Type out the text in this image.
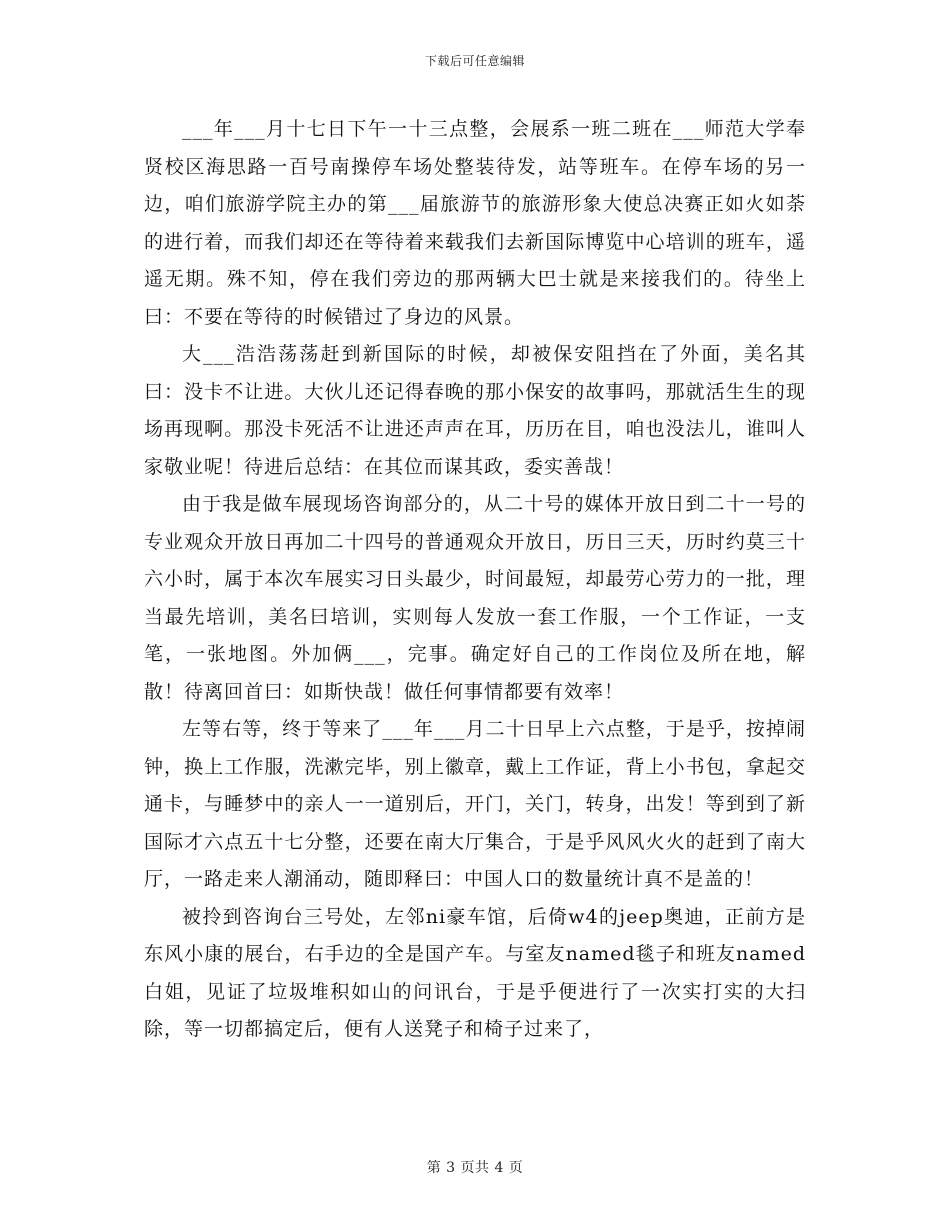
下载后可任意编辑

___年___月十七日下午一十三点整，会展系一班二班在___师范大学奉贤校区海思路一百号南操停车场处整装待发，站等班车。在停车场的另一边，咱们旅游学院主办的第___届旅游节的旅游形象大使总决赛正如火如荼的进行着，而我们却还在等待着来载我们去新国际博览中心培训的班车，遥遥无期。殊不知，停在我们旁边的那两辆大巴士就是来接我们的。待坐上曰：不要在等待的时候错过了身边的风景。

大___浩浩荡荡赶到新国际的时候，却被保安阻挡在了外面，美名其曰：没卡不让进。大伙儿还记得春晚的那小保安的故事吗，那就活生生的现场再现啊。那没卡死活不让进还声声在耳，历历在目，咱也没法儿，谁叫人家敬业呢！待进后总结：在其位而谋其政，委实善哉！

由于我是做车展现场咨询部分的，从二十号的媒体开放日到二十一号的专业观众开放日再加二十四号的普通观众开放日，历日三天，历时约莫三十六小时，属于本次车展实习日头最少，时间最短，却最劳心劳力的一批，理当最先培训，美名曰培训，实则每人发放一套工作服，一个工作证，一支笔，一张地图。外加俩___，完事。确定好自己的工作岗位及所在地，解散！待离回首曰：如斯快哉！做任何事情都要有效率！

左等右等，终于等来了___年___月二十日早上六点整，于是乎，按掉闹钟，换上工作服，洗漱完毕，别上徽章，戴上工作证，背上小书包，拿起交通卡，与睡梦中的亲人一一道别后，开门，关门，转身，出发！等到到了新国际才六点五十七分整，还要在南大厅集合，于是乎风风火火的赶到了南大厅，一路走来人潮涌动，随即释曰：中国人口的数量统计真不是盖的！

被拎到咨询台三号处，左邻ni豪车馆，后倚w4的jeep奥迪，正前方是东风小康的展台，右手边的全是国产车。与室友named毯子和班友named白姐，见证了垃圾堆积如山的问讯台，于是乎便进行了一次实打实的大扫除，等一切都搞定后，便有人送凳子和椅子过来了，

第 3 页共 4 页
